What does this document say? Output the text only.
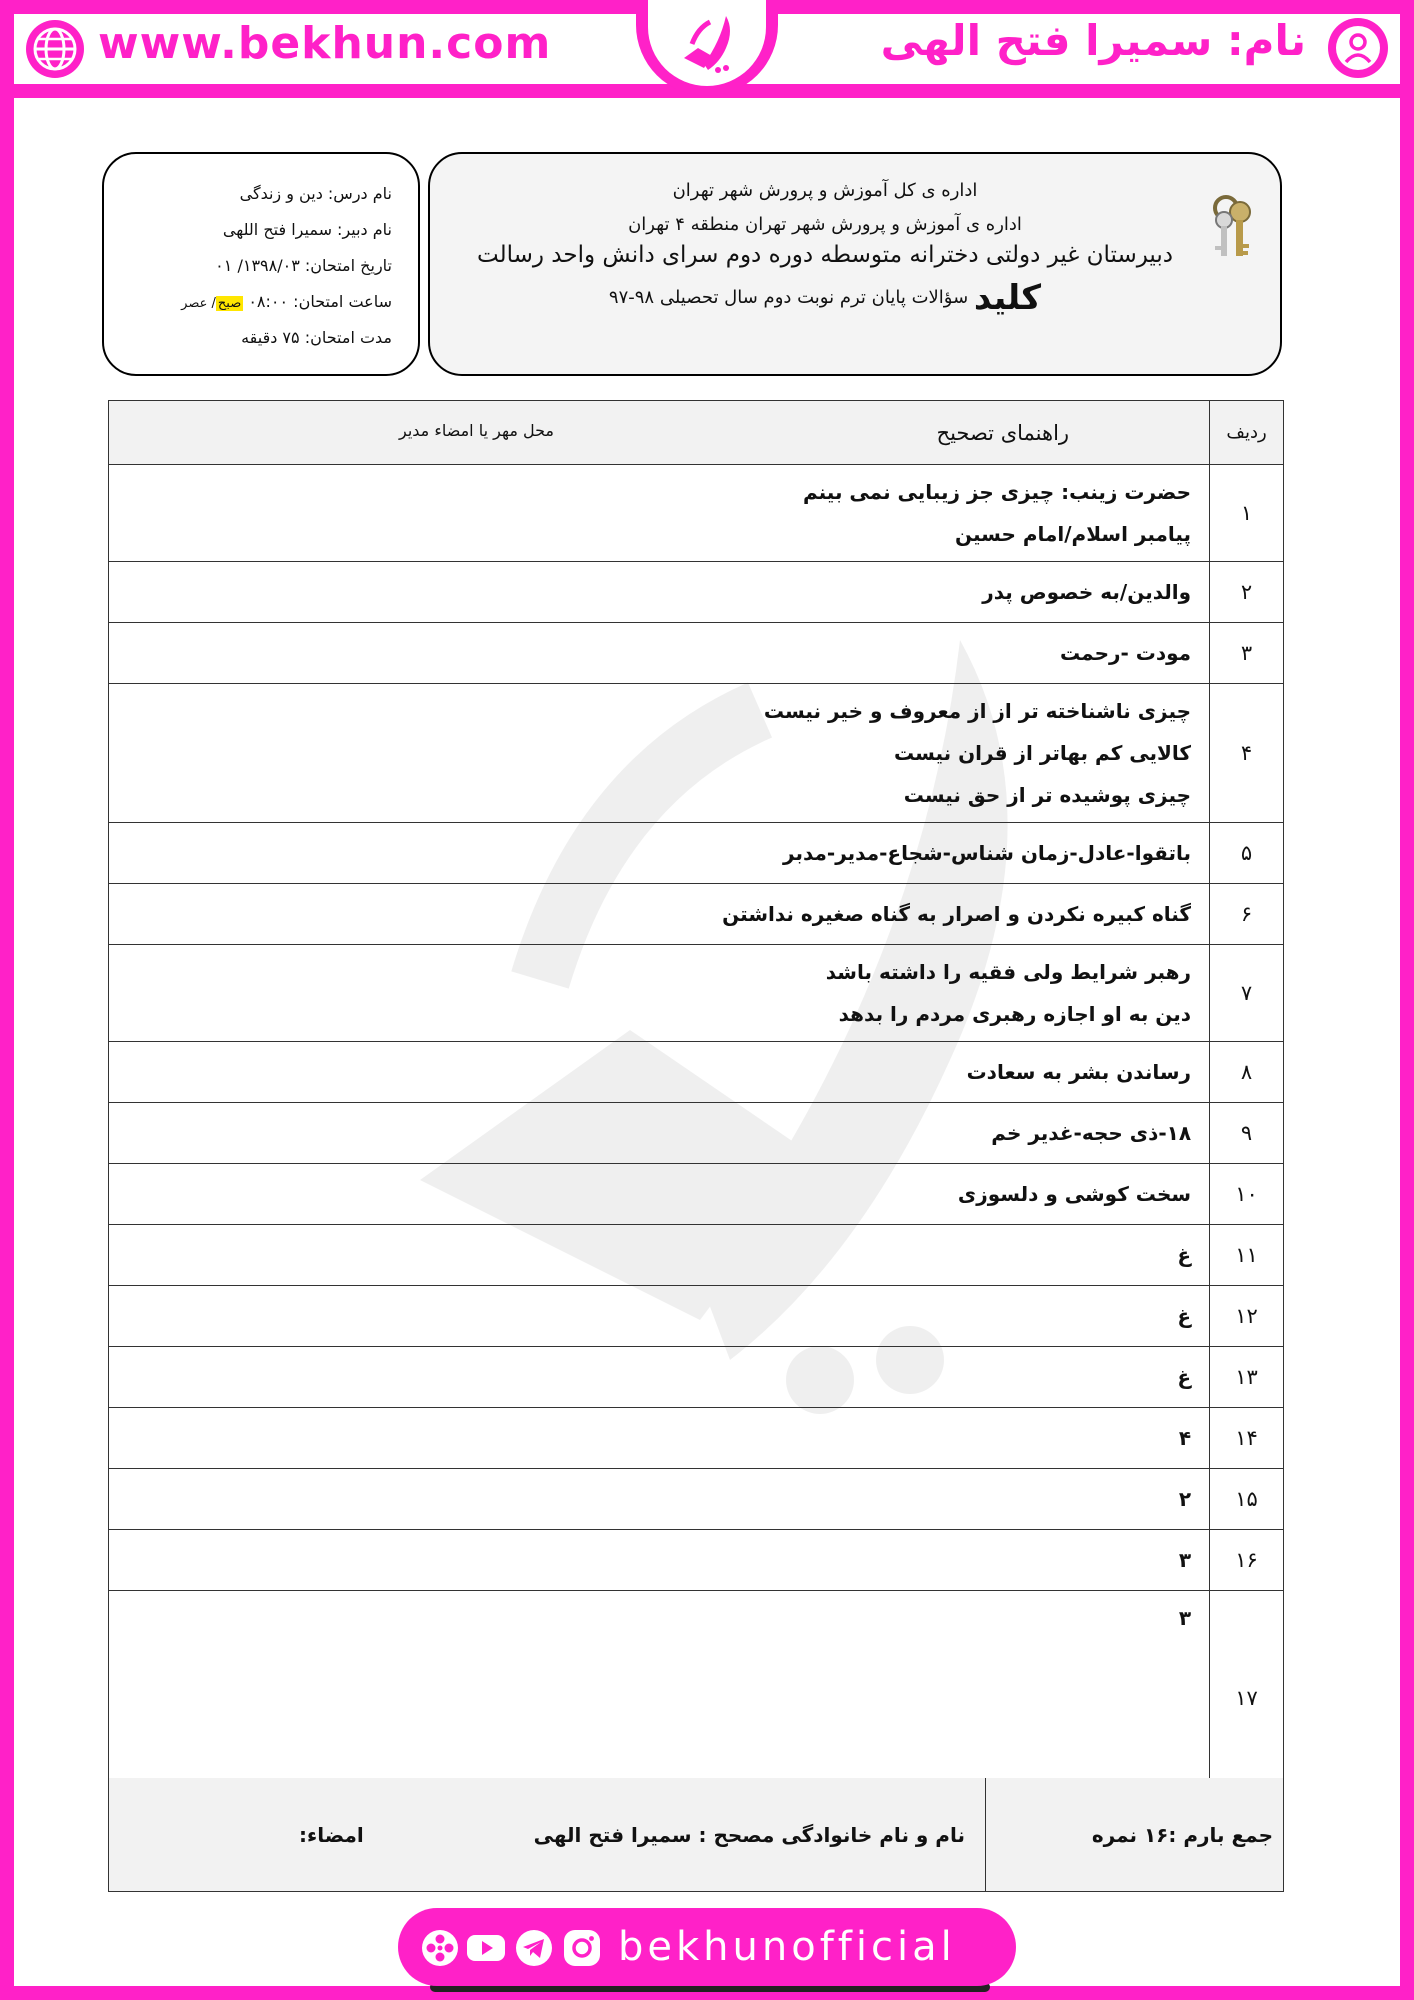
www.bekhun.com	نام: سمیرا فتح الهی
اداره ی کل آموزش و پرورش شهر تهران
اداره ی آموزش و پرورش شهر تهران منطقه ۴ تهران
دبیرستان غیر دولتی دخترانه متوسطه دوره دوم سرای دانش واحد رسالت
کلید سؤالات پایان ترم نوبت دوم سال تحصیلی ۹۸-۹۷
نام درس: دین و زندگی
نام دبیر: سمیرا فتح اللهی
تاریخ امتحان: ۱۳۹۸/۰۳/ ۰۱
ساعت امتحان: ۰۸:۰۰ صبح/ عصر
مدت امتحان: ۷۵ دقیقه
ردیف	راهنمای تصحیح
محل مهر یا امضاء مدیر

۱	حضرت زینب: چیزی جز زیبایی نمی بینم
پیامبر اسلام/امام حسین

۲	والدین/به خصوص پدر

۳	مودت -رحمت

۴	چیزی ناشناخته تر از از معروف و خیر نیست
کالایی کم بهاتر از قران نیست
چیزی پوشیده تر از حق نیست

۵	باتقوا-عادل-زمان شناس-شجاع-مدیر-مدبر

۶	گناه کبیره نکردن و اصرار به گناه صغیره نداشتن

۷	رهبر شرایط ولی فقیه را داشته باشد
دین به او اجازه رهبری مردم را بدهد

۸	رساندن بشر به سعادت

۹	۱۸-ذی حجه-غدیر خم

۱۰	سخت کوشی و دلسوزی

۱۱	غ

۱۲	غ

۱۳	غ

۱۴	۴

۱۵	۲

۱۶	۳

۱۷	۳
جمع بارم :۱۶ نمره
نام و نام خانوادگی مصحح : سمیرا فتح الهی
امضاء:
bekhunofficial
